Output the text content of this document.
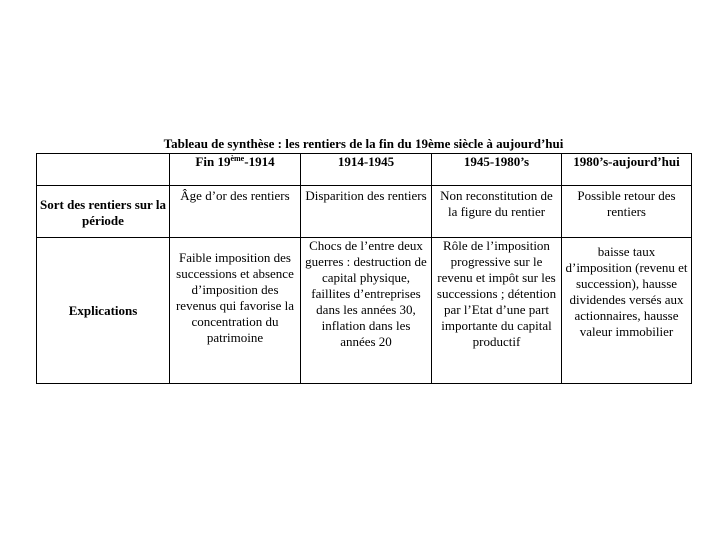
Tableau de synthèse : les rentiers de la fin du 19ème siècle à aujourd’hui
	Fin 19ème-1914	1914-1945	1945-1980’s	1980’s-aujourd’hui
Sort des rentiers sur la période	Âge d’or des rentiers	Disparition des rentiers	Non reconstitution de la figure du rentier	Possible retour des rentiers
Explications	Faible imposition des successions et absence d’imposition des revenus qui favorise la concentration du patrimoine	Chocs de l’entre deux guerres : destruction de capital physique, faillites d’entreprises dans les années 30, inflation dans les années 20	Rôle de l’imposition progressive sur le revenu et impôt sur les successions ; détention par l’Etat d’une part importante du capital productif	baisse taux d’imposition (revenu et succession), hausse dividendes versés aux actionnaires, hausse valeur immobilier
